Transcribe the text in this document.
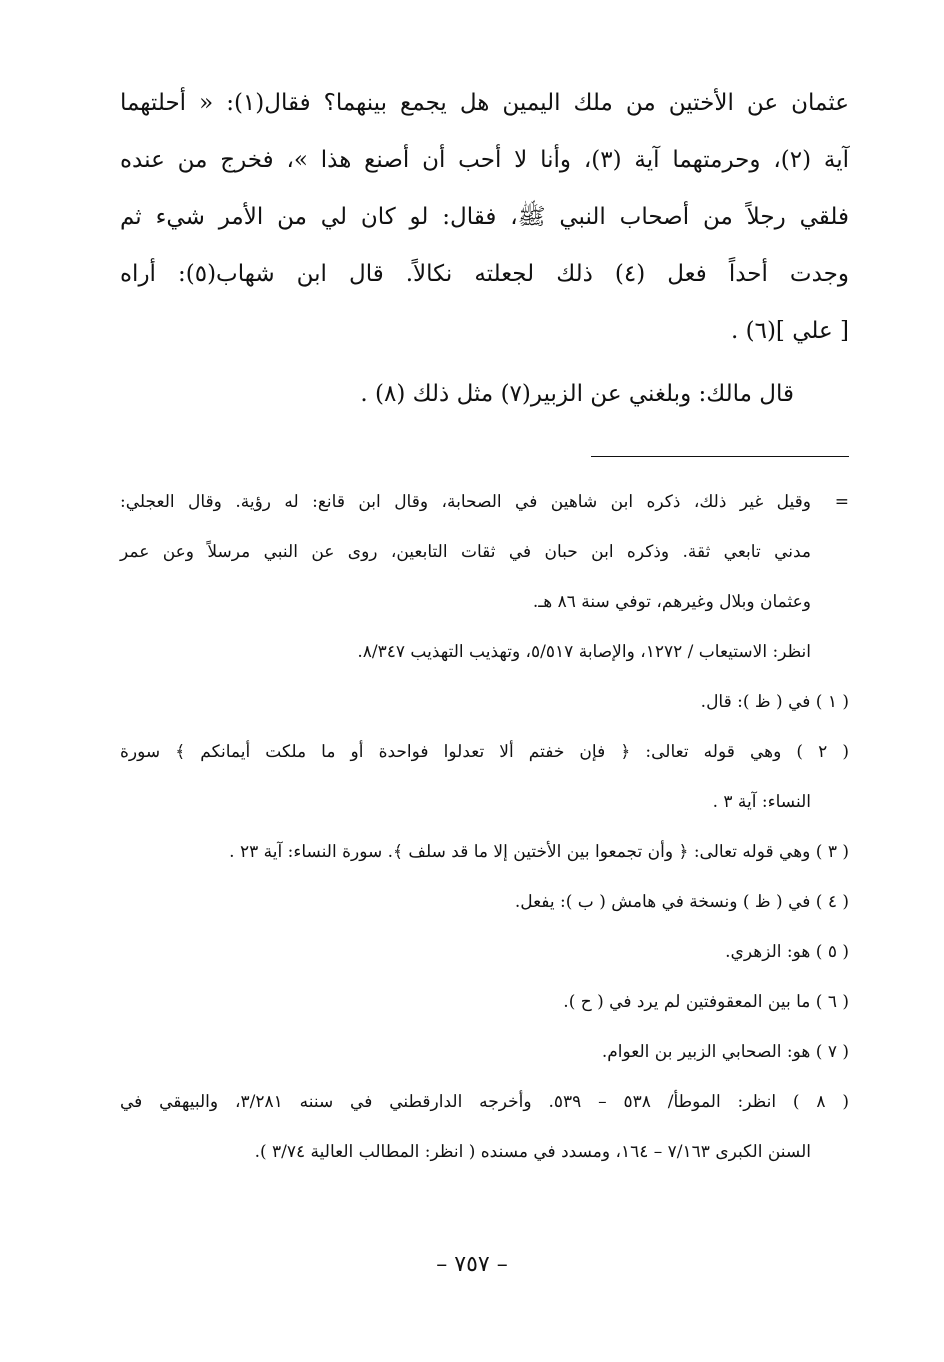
عثمان عن الأختين من ملك اليمين هل يجمع بينهما؟ فقال(١): « أحلتهما
آية (٢)، وحرمتهما آية (٣)، وأنا لا أحب أن أصنع هذا »، فخرج من عنده
فلقي رجلاً من أصحاب النبي ﷺ، فقال: لو كان لي من الأمر شيء ثم
وجدت أحداً فعل (٤) ذلك لجعلته نكالاً. قال ابن شهاب(٥): أراه
[ علي ](٦) .
قال مالك: وبلغني عن الزبير(٧) مثل ذلك (٨) .
=
وقيل غير ذلك، ذكره ابن شاهين في الصحابة، وقال ابن قانع: له رؤية. وقال العجلي:
مدني تابعي ثقة. وذكره ابن حبان في ثقات التابعين، روى عن النبي مرسلاً وعن عمر
وعثمان وبلال وغيرهم، توفي سنة ٨٦ هـ.
انظر: الاستيعاب / ١٢٧٢، والإصابة ٥/٥١٧، وتهذيب التهذيب ٨/٣٤٧.
( ١ ) في ( ظ ): قال.
( ٢ ) وهي قوله تعالى: ﴿ فإن خفتم ألا تعدلوا فواحدة أو ما ملكت أيمانكم ﴾ سورة
النساء: آية ٣ .
( ٣ ) وهي قوله تعالى: ﴿ وأن تجمعوا بين الأختين إلا ما قد سلف ﴾. سورة النساء: آية ٢٣ .
( ٤ ) في ( ظ ) ونسخة في هامش ( ب ): يفعل.
( ٥ ) هو: الزهري.
( ٦ ) ما بين المعقوفتين لم يرد في ( ح ).
( ٧ ) هو: الصحابي الزبير بن العوام.
( ٨ ) انظر: الموطأ/ ٥٣٨ – ٥٣٩. وأخرجه الدارقطني في سننه ٣/٢٨١، والبيهقي في
السنن الكبرى ٧/١٦٣ – ١٦٤، ومسدد في مسنده ( انظر: المطالب العالية ٣/٧٤ ).
– ٧٥٧ –
